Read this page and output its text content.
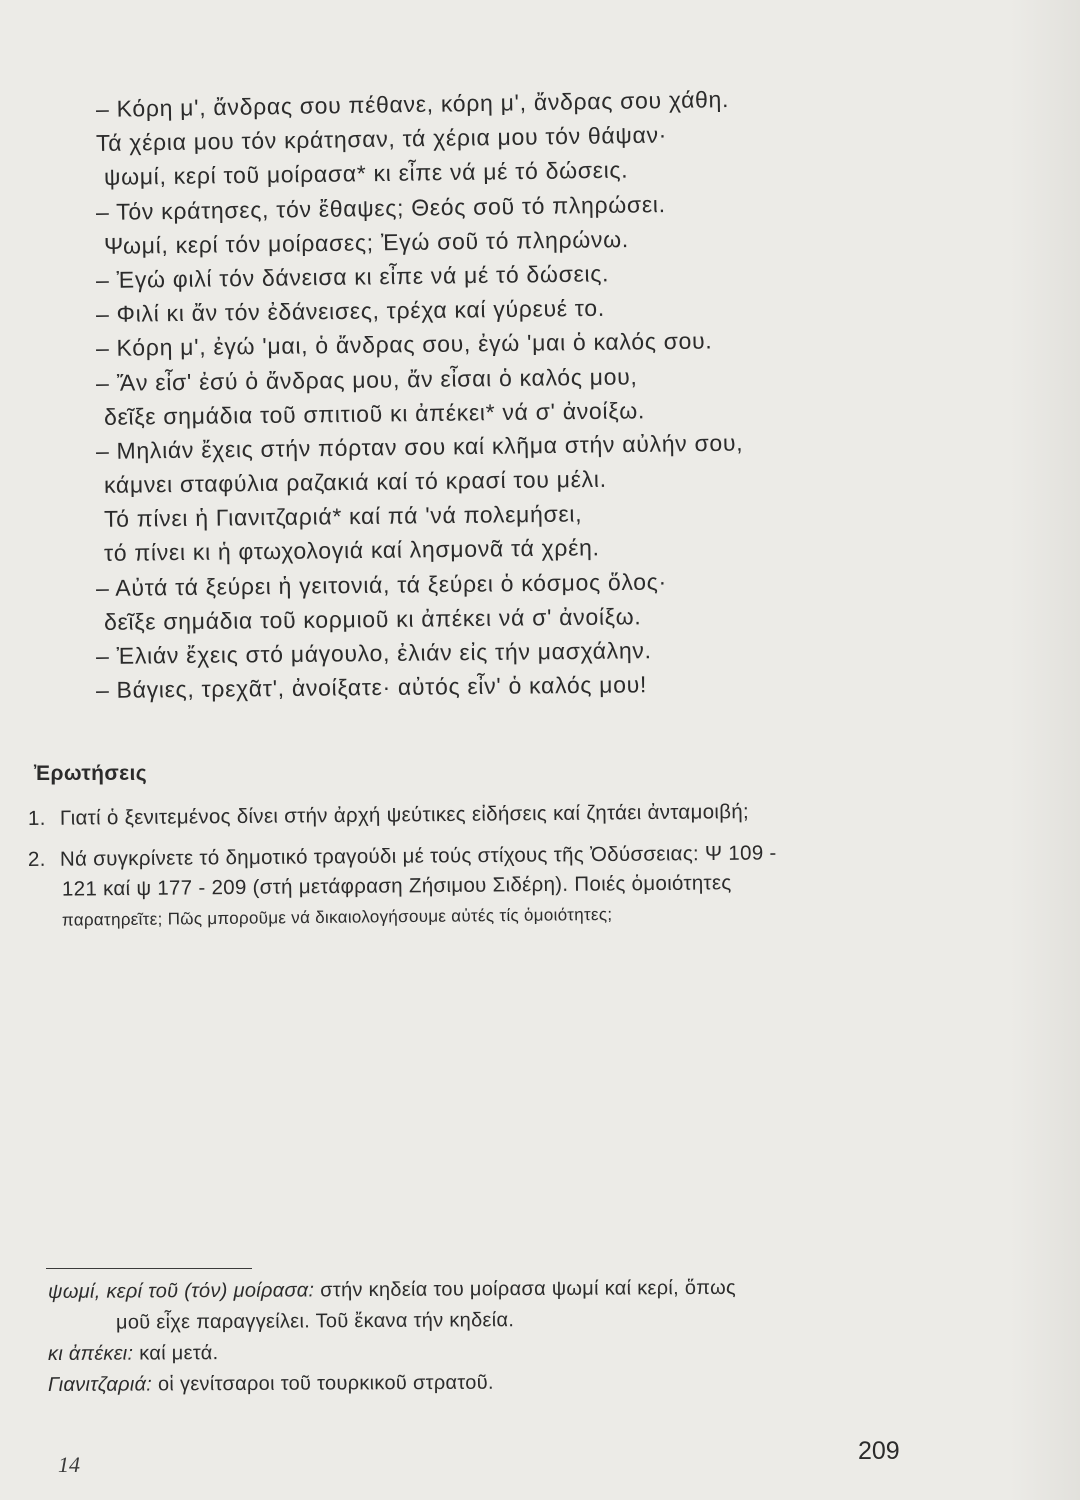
– Κόρη μ', ἄνδρας σου πέθανε, κόρη μ', ἄνδρας σου χάθη.
Τά χέρια μου τόν κράτησαν, τά χέρια μου τόν θάψαν·
ψωμί, κερί τοῦ μοίρασα* κι εἶπε νά μέ τό δώσεις.
– Τόν κράτησες, τόν ἔθαψες; Θεός σοῦ τό πληρώσει.
Ψωμί, κερί τόν μοίρασες; Ἐγώ σοῦ τό πληρώνω.
– Ἐγώ φιλί τόν δάνεισα κι εἶπε νά μέ τό δώσεις.
– Φιλί κι ἄν τόν ἐδάνεισες, τρέχα καί γύρευέ το.
– Κόρη μ', ἐγώ 'μαι, ὁ ἄνδρας σου, ἐγώ 'μαι ὁ καλός σου.
– Ἄν εἶσ' ἐσύ ὁ ἄνδρας μου, ἄν εἶσαι ὁ καλός μου,
δεῖξε σημάδια τοῦ σπιτιοῦ κι ἀπέκει* νά σ' ἀνοίξω.
– Μηλιάν ἔχεις στήν πόρταν σου καί κλῆμα στήν αὐλήν σου,
κάμνει σταφύλια ραζακιά καί τό κρασί του μέλι.
Τό πίνει ἡ Γιανιτζαριά* καί πά 'νά πολεμήσει,
τό πίνει κι ἡ φτωχολογιά καί λησμονᾶ τά χρέη.
– Αὐτά τά ξεύρει ἡ γειτονιά, τά ξεύρει ὁ κόσμος ὅλος·
δεῖξε σημάδια τοῦ κορμιοῦ κι ἀπέκει νά σ' ἀνοίξω.
– Ἐλιάν ἔχεις στό μάγουλο, ἐλιάν εἰς τήν μασχάλην.
– Βάγιες, τρεχᾶτ', ἀνοίξατε· αὐτός εἶν' ὁ καλός μου!
Ἐρωτήσεις
1. Γιατί ὁ ξενιτεμένος δίνει στήν ἀρχή ψεύτικες εἰδήσεις καί ζητάει ἀνταμοιβή;
2. Νά συγκρίνετε τό δημοτικό τραγούδι μέ τούς στίχους τῆς Ὀδύσσειας: Ψ 109 -
121 καί ψ 177 - 209 (στή μετάφραση Ζήσιμου Σιδέρη). Ποιές ὁμοιότητες
παρατηρεῖτε; Πῶς μποροῦμε νά δικαιολογήσουμε αὐτές τίς ὁμοιότητες;
ψωμί, κερί τοῦ (τόν) μοίρασα: στήν κηδεία του μοίρασα ψωμί καί κερί, ὅπως
μοῦ εἶχε παραγγείλει. Τοῦ ἔκανα τήν κηδεία.
κι ἀπέκει: καί μετά.
Γιανιτζαριά: οἱ γενίτσαροι τοῦ τουρκικοῦ στρατοῦ.
14	209
